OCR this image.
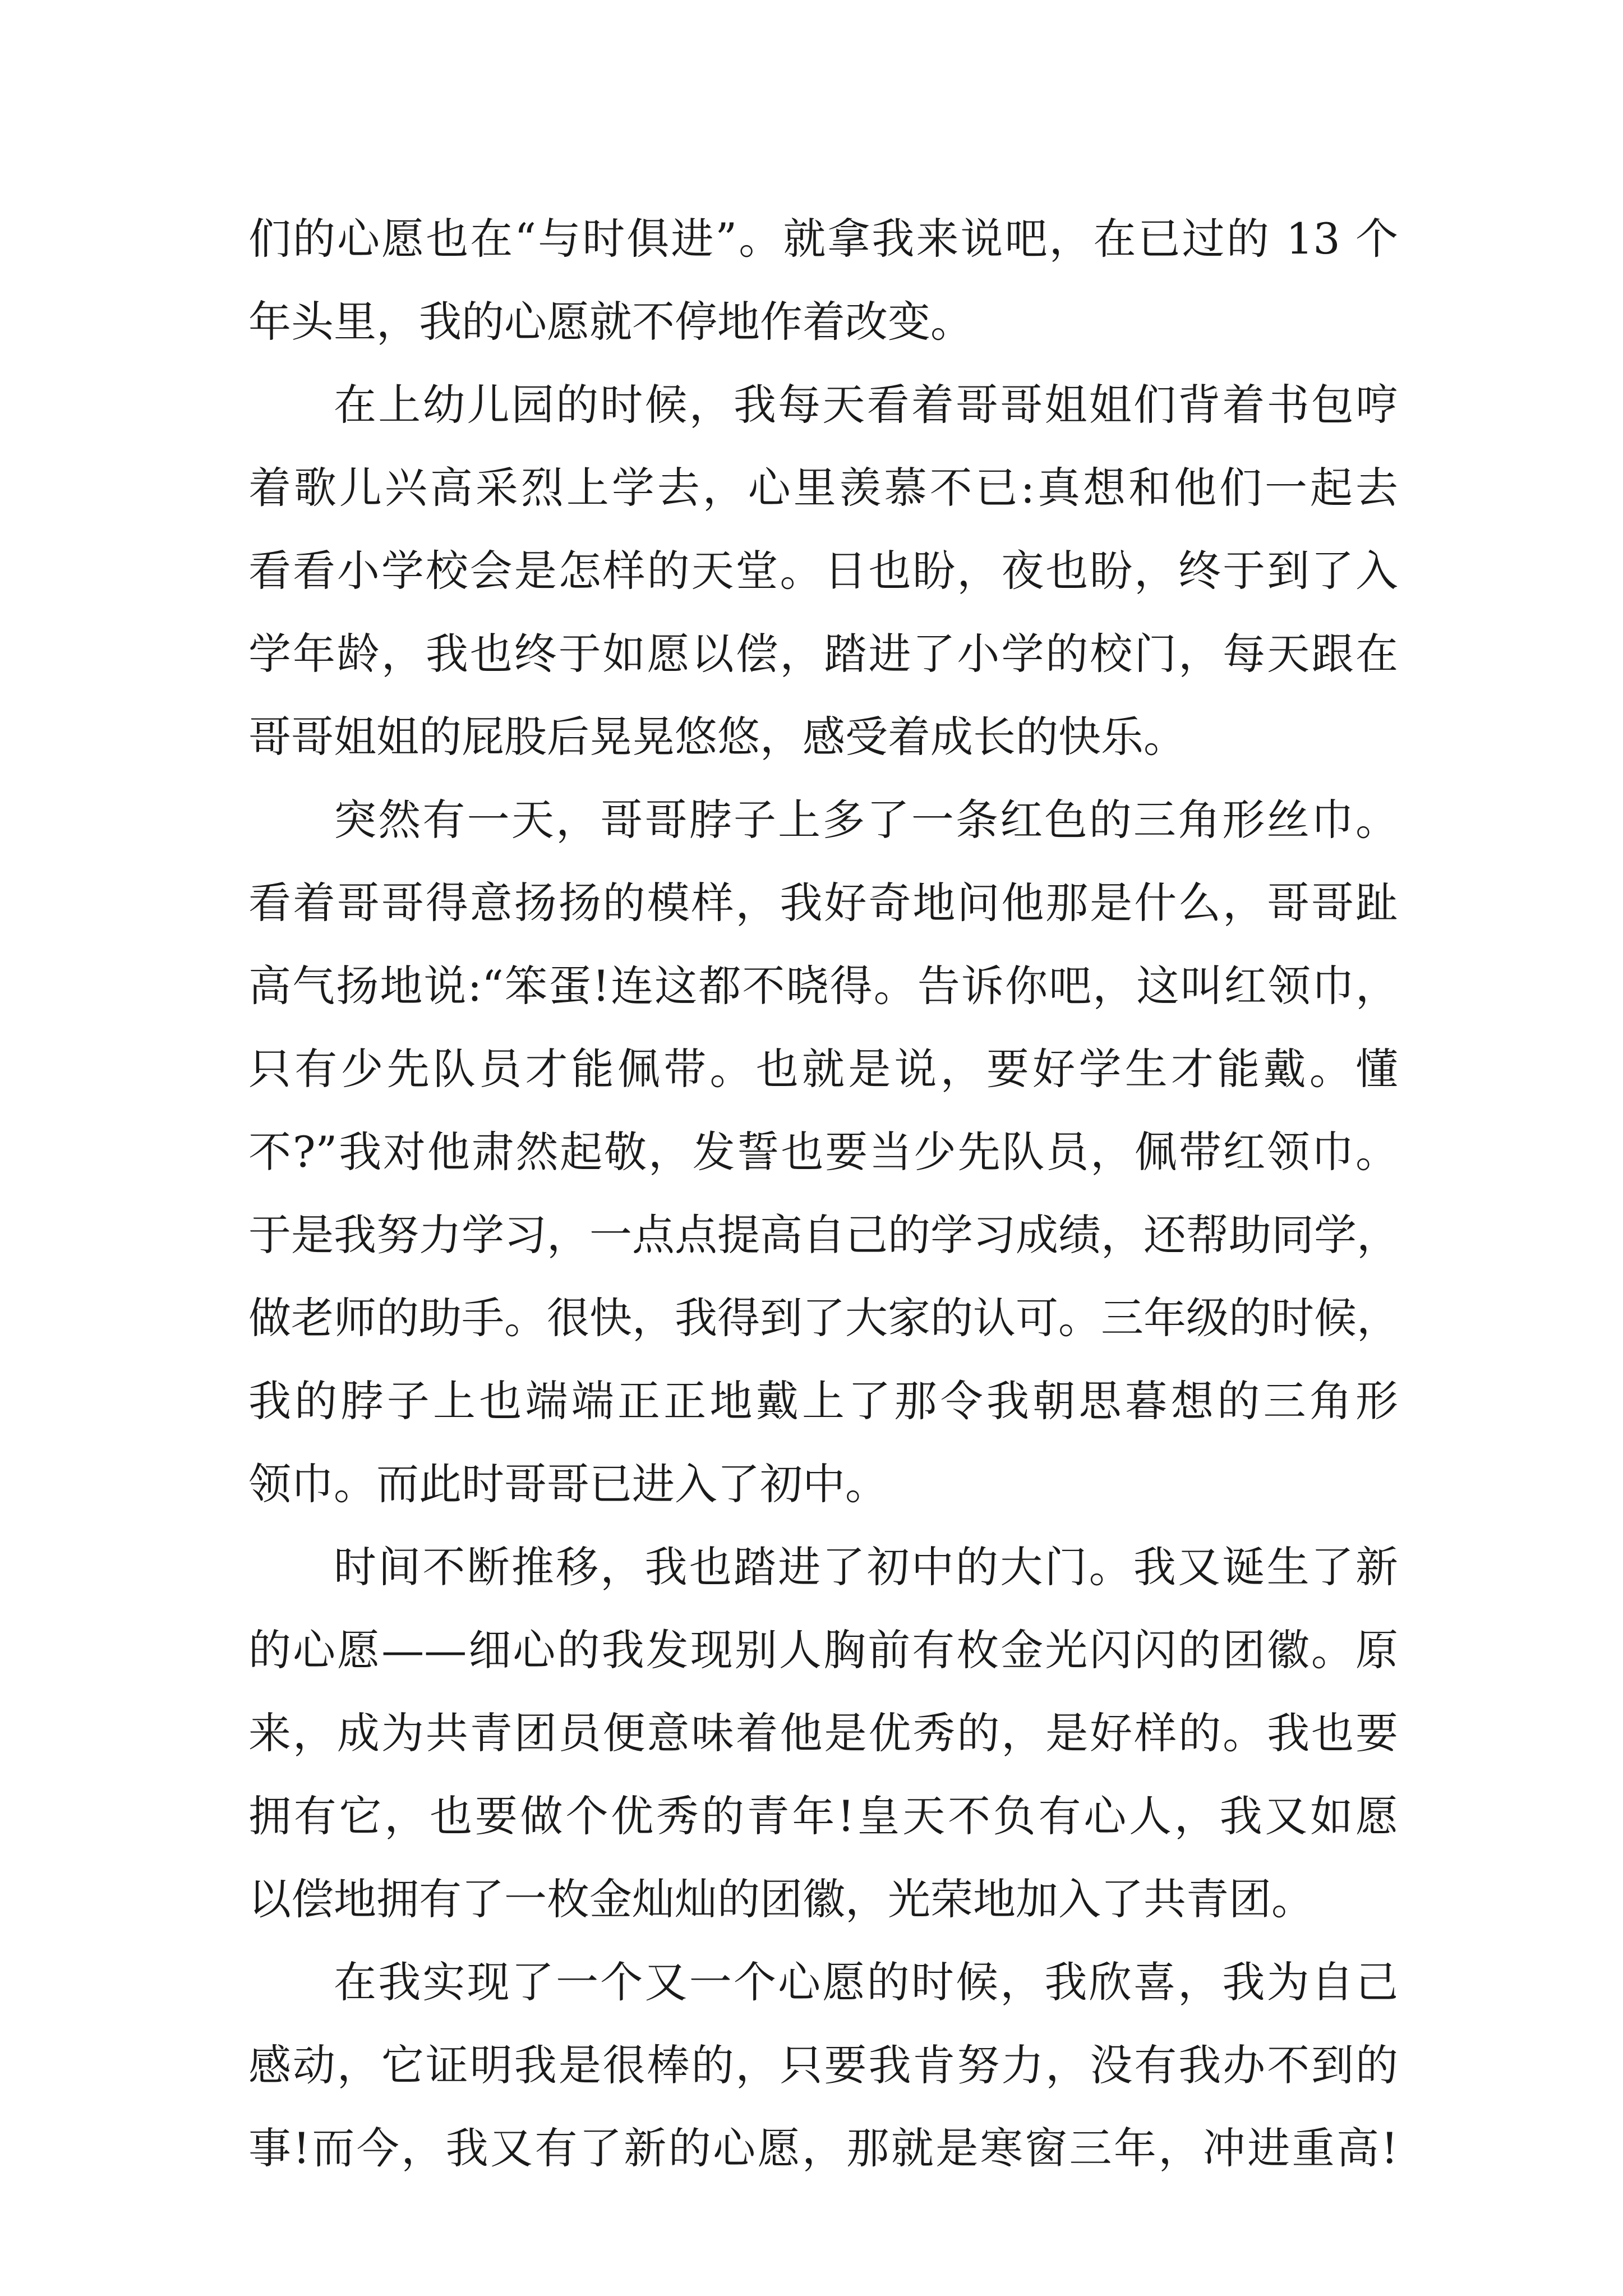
们的心愿也在“与时俱进”。就拿我来说吧，在已过的 13 个
年头里，我的心愿就不停地作着改变。
在上幼儿园的时候，我每天看着哥哥姐姐们背着书包哼
着歌儿兴高采烈上学去，心里羡慕不已:真想和他们一起去
看看小学校会是怎样的天堂。日也盼，夜也盼，终于到了入
学年龄，我也终于如愿以偿，踏进了小学的校门，每天跟在
哥哥姐姐的屁股后晃晃悠悠，感受着成长的快乐。
突然有一天，哥哥脖子上多了一条红色的三角形丝巾。
看着哥哥得意扬扬的模样，我好奇地问他那是什么，哥哥趾
高气扬地说:“笨蛋!连这都不晓得。告诉你吧，这叫红领巾，
只有少先队员才能佩带。也就是说，要好学生才能戴。懂
不?”我对他肃然起敬，发誓也要当少先队员，佩带红领巾。
于是我努力学习，一点点提高自己的学习成绩，还帮助同学，
做老师的助手。很快，我得到了大家的认可。三年级的时候，
我的脖子上也端端正正地戴上了那令我朝思暮想的三角形
领巾。而此时哥哥已进入了初中。
时间不断推移，我也踏进了初中的大门。我又诞生了新
的心愿——细心的我发现别人胸前有枚金光闪闪的团徽。原
来，成为共青团员便意味着他是优秀的，是好样的。我也要
拥有它，也要做个优秀的青年!皇天不负有心人，我又如愿
以偿地拥有了一枚金灿灿的团徽，光荣地加入了共青团。
在我实现了一个又一个心愿的时候，我欣喜，我为自己
感动，它证明我是很棒的，只要我肯努力，没有我办不到的
事!而今，我又有了新的心愿，那就是寒窗三年，冲进重高!
